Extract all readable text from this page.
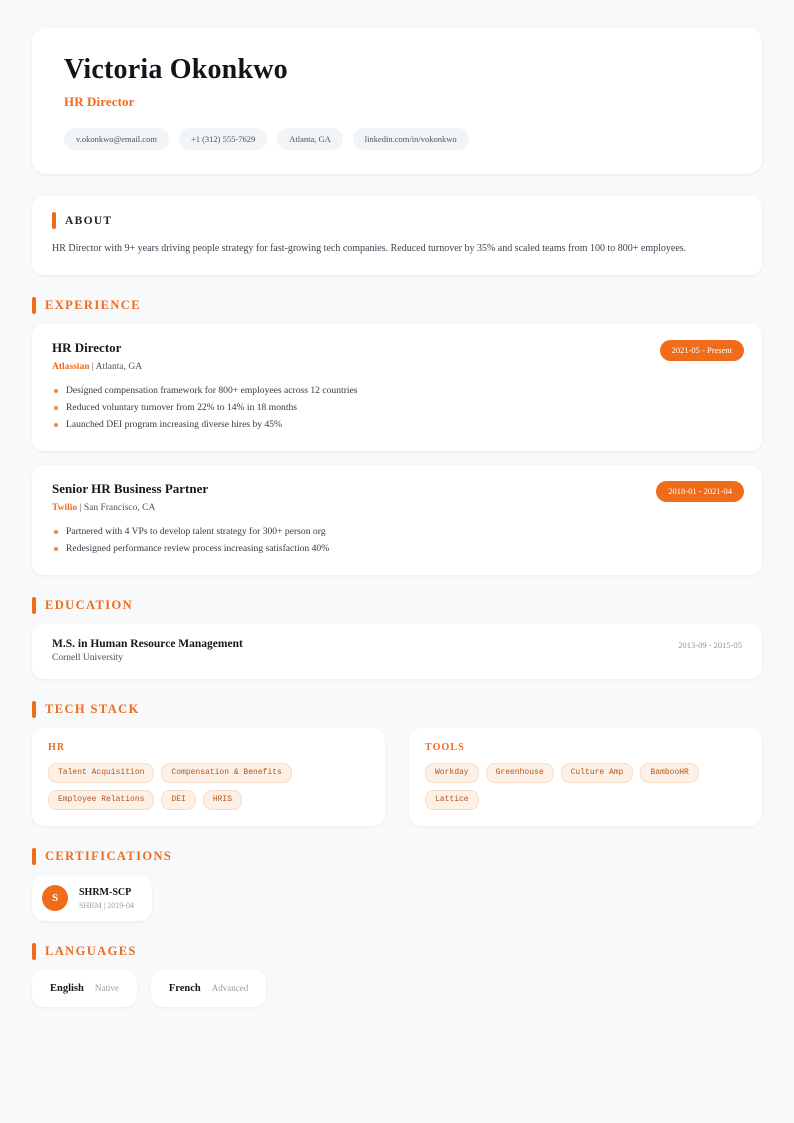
Victoria Okonkwo
HR Director
v.okonkwo@email.com	+1 (312) 555-7629	Atlanta, GA	linkedin.com/in/vokonkwo
ABOUT
HR Director with 9+ years driving people strategy for fast-growing tech companies. Reduced turnover by 35% and scaled teams from 100 to 800+ employees.
EXPERIENCE
2021-05 - Present
HR Director
Atlassian | Atlanta, GA
Designed compensation framework for 800+ employees across 12 countries
Reduced voluntary turnover from 22% to 14% in 18 months
Launched DEI program increasing diverse hires by 45%
2018-01 - 2021-04
Senior HR Business Partner
Twilio | San Francisco, CA
Partnered with 4 VPs to develop talent strategy for 300+ person org
Redesigned performance review process increasing satisfaction 40%
EDUCATION
2013-09 - 2015-05
M.S. in Human Resource Management
Cornell University
TECH STACK
HR
Talent Acquisition	Compensation & Benefits
Employee Relations	DEI	HRIS
TOOLS
Workday	Greenhouse	Culture Amp	BambooHR
Lattice
CERTIFICATIONS
S	SHRM-SCP
SHRM | 2019-04
LANGUAGES
English Native	French Advanced
